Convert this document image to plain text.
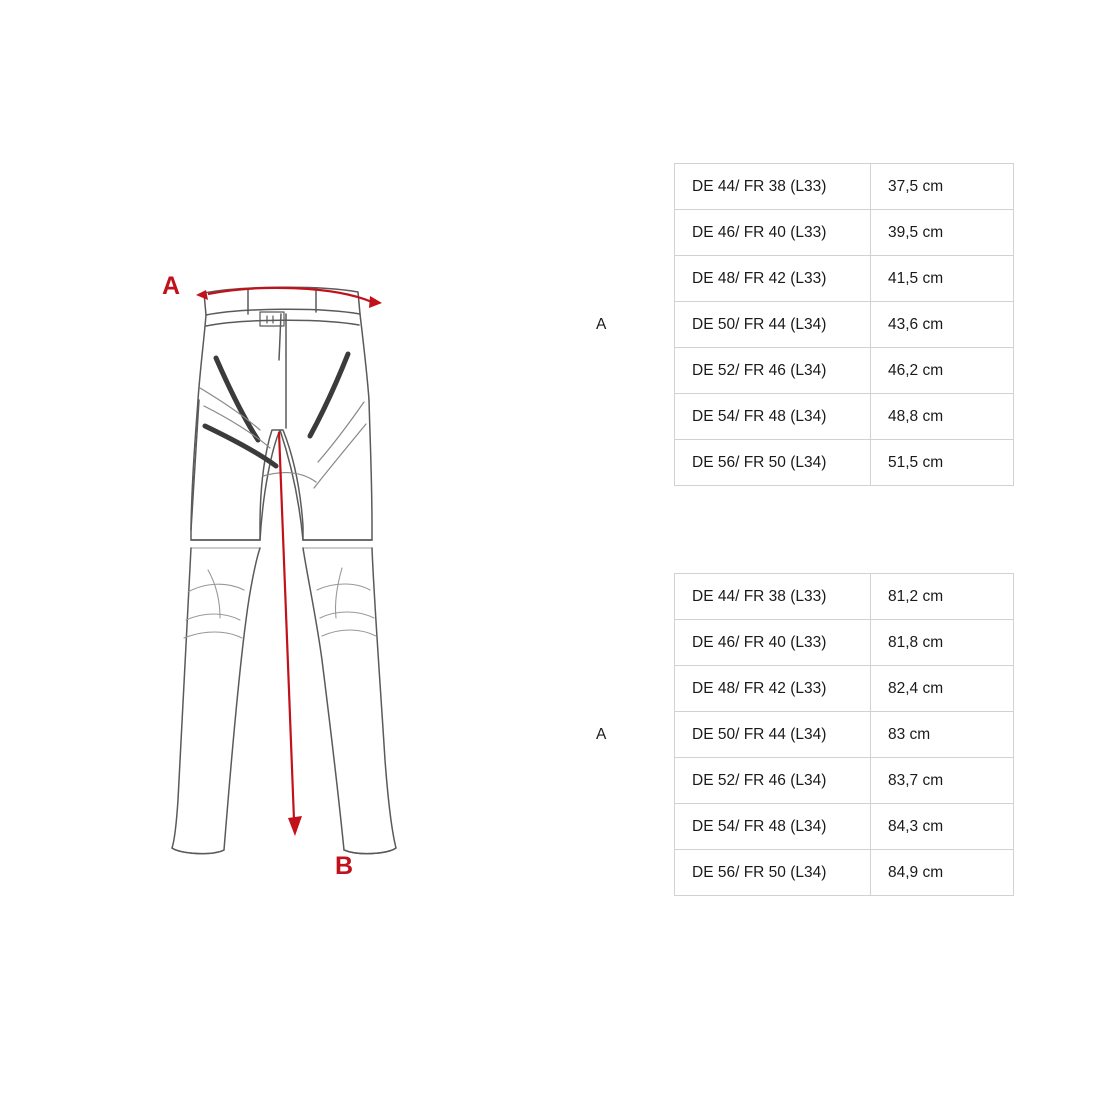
A
B
A	DE 44/ FR 38 (L33)	37,5 cm
	DE 46/ FR 40 (L33)	39,5 cm
	DE 48/ FR 42 (L33)	41,5 cm
	DE 50/ FR 44 (L34)	43,6 cm
	DE 52/ FR 46 (L34)	46,2 cm
	DE 54/ FR 48 (L34)	48,8 cm
	DE 56/ FR 50 (L34)	51,5 cm
A	DE 44/ FR 38 (L33)	81,2 cm
	DE 46/ FR 40 (L33)	81,8 cm
	DE 48/ FR 42 (L33)	82,4 cm
	DE 50/ FR 44 (L34)	83 cm
	DE 52/ FR 46 (L34)	83,7 cm
	DE 54/ FR 48 (L34)	84,3 cm
	DE 56/ FR 50 (L34)	84,9 cm
